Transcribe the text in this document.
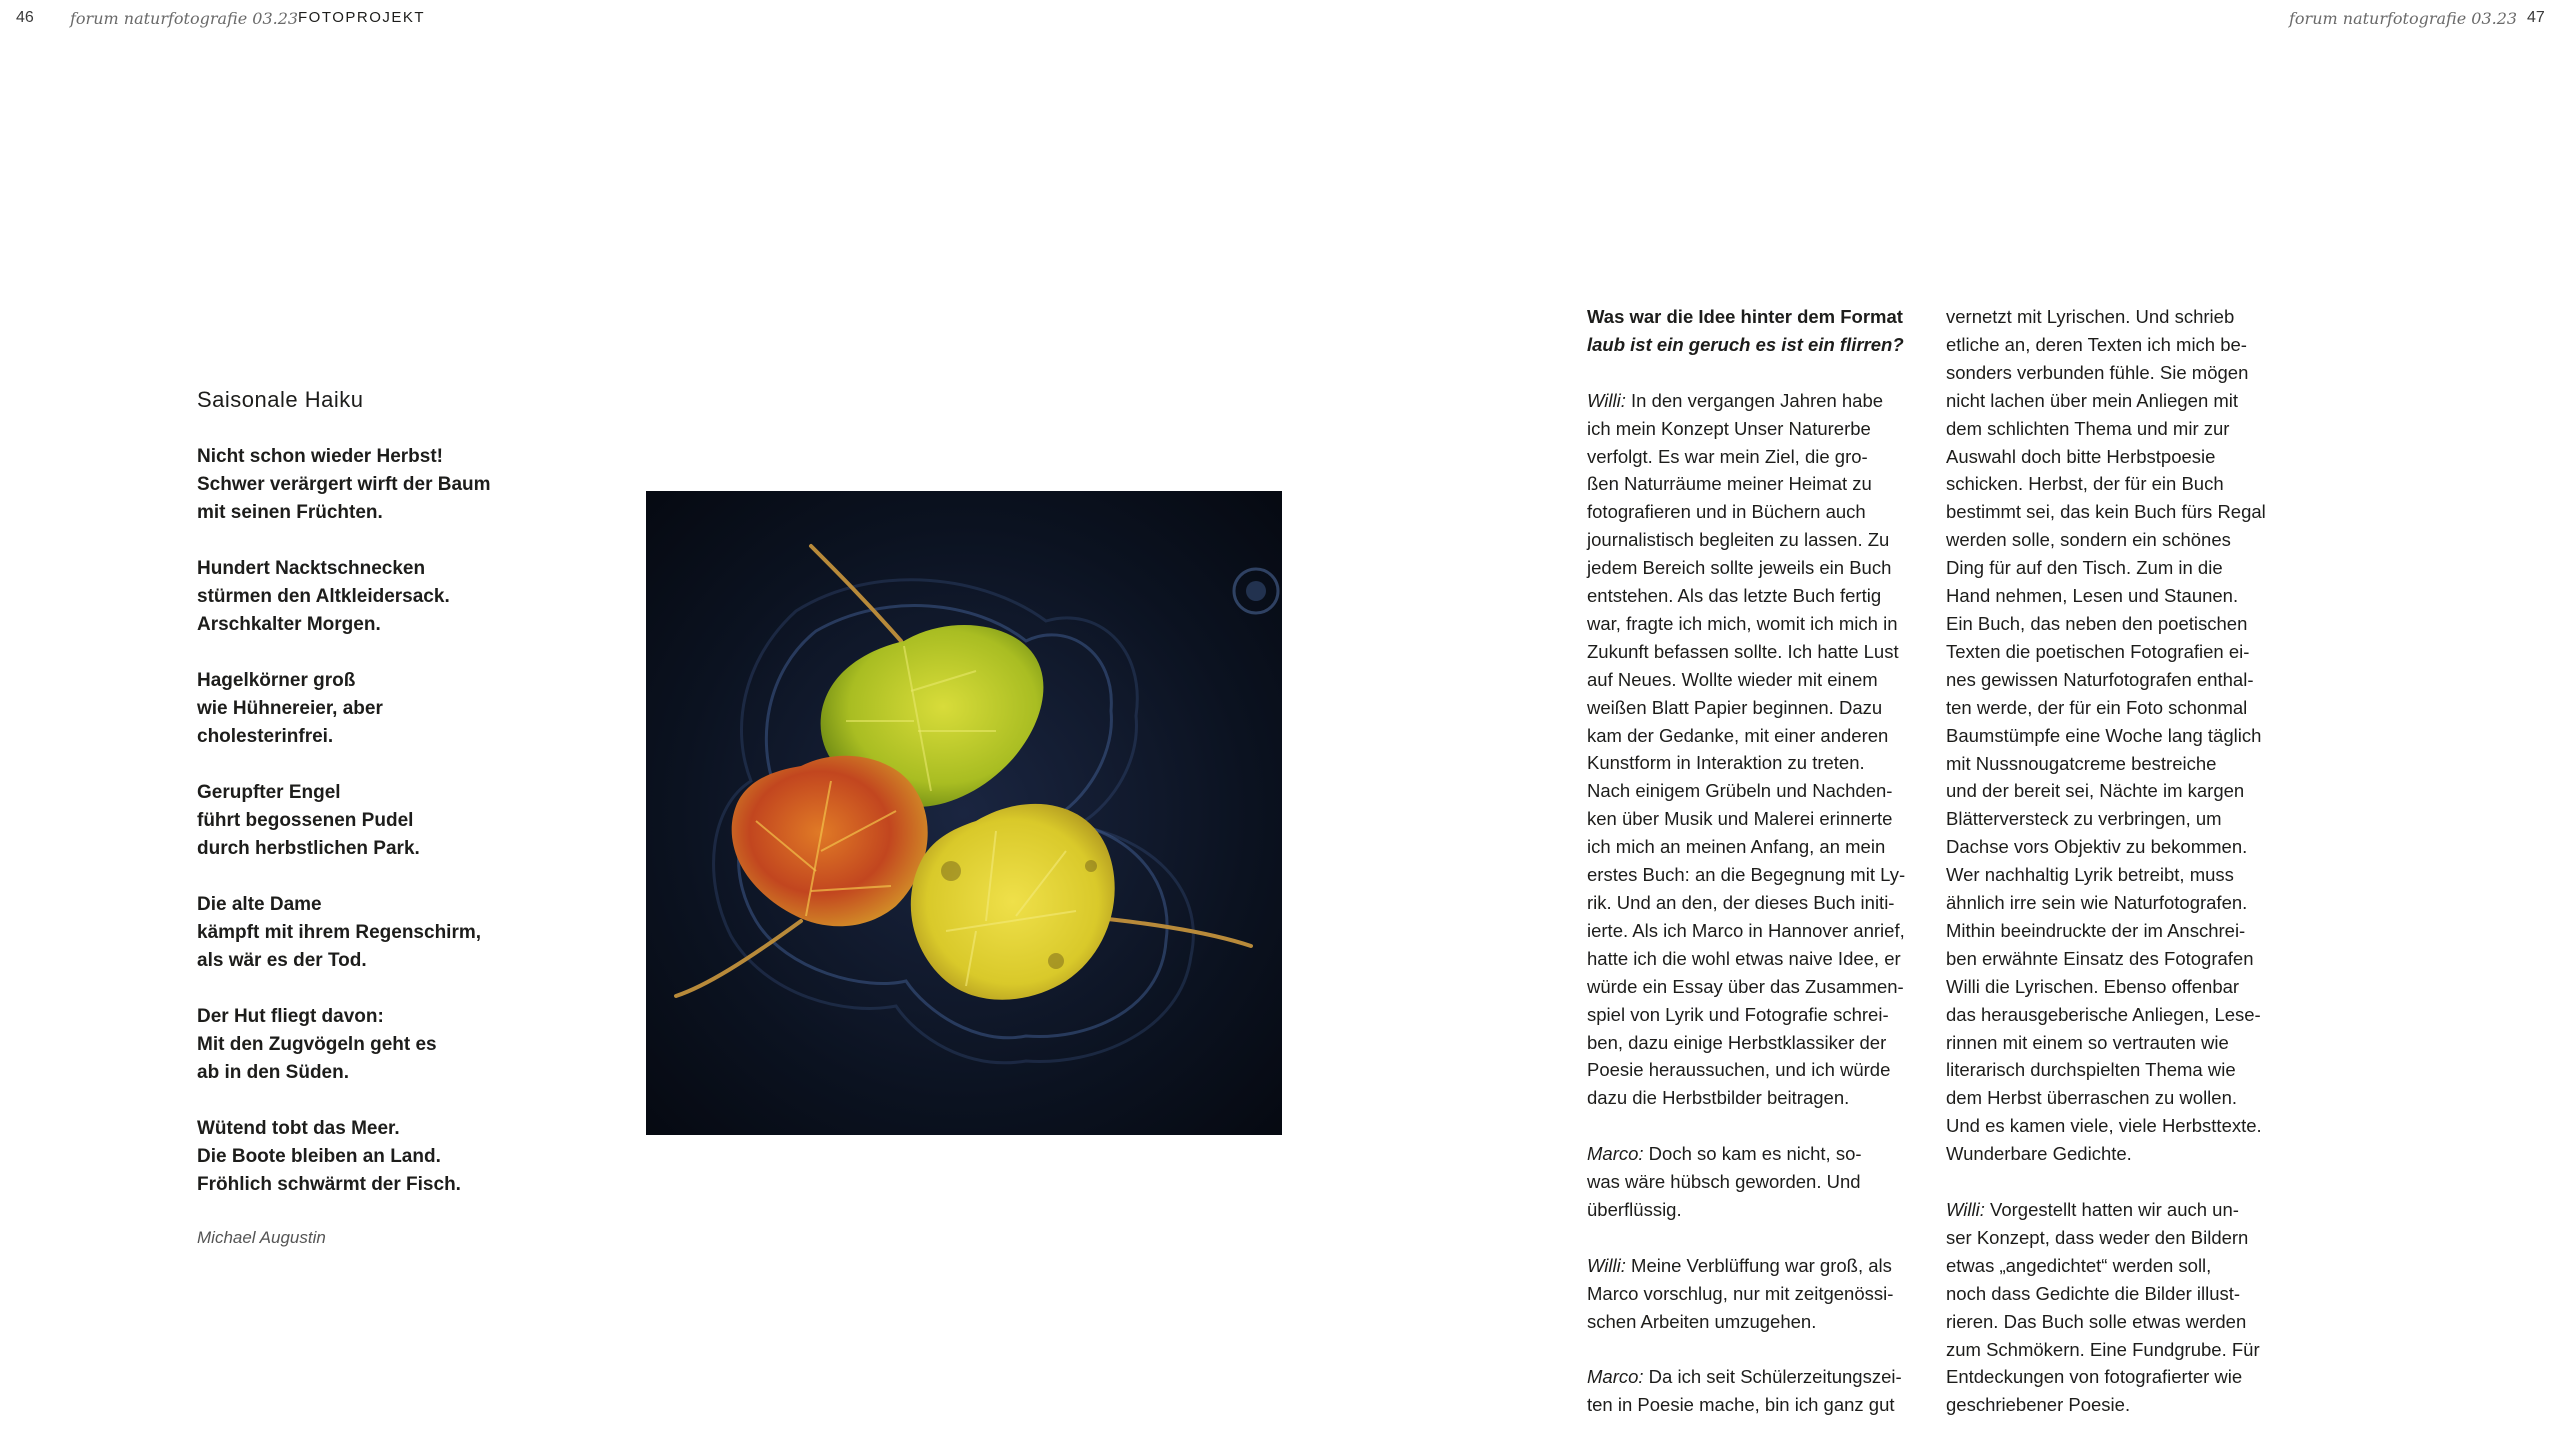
46 forum naturfotografie 03.23 FOTOPROJEKT	forum naturfotografie 03.23 47
Saisonale Haiku
Nicht schon wieder Herbst!
Schwer verärgert wirft der Baum
mit seinen Früchten.
Hundert Nacktschnecken
stürmen den Altkleidersack.
Arschkalter Morgen.
Hagelkörner groß
wie Hühnereier, aber
cholesterinfrei.
Gerupfter Engel
führt begossenen Pudel
durch herbstlichen Park.
Die alte Dame
kämpft mit ihrem Regenschirm,
als wär es der Tod.
Der Hut fliegt davon:
Mit den Zugvögeln geht es
ab in den Süden.
Wütend tobt das Meer.
Die Boote bleiben an Land.
Fröhlich schwärmt der Fisch.
Michael Augustin
Was war die Idee hinter dem Format
laub ist ein geruch es ist ein flirren?

Willi: In den vergangen Jahren habe
ich mein Konzept Unser Naturerbe
verfolgt. Es war mein Ziel, die gro-
ßen Naturräume meiner Heimat zu
fotografieren und in Büchern auch
journalistisch begleiten zu lassen. Zu
jedem Bereich sollte jeweils ein Buch
entstehen. Als das letzte Buch fertig
war, fragte ich mich, womit ich mich in
Zukunft befassen sollte. Ich hatte Lust
auf Neues. Wollte wieder mit einem
weißen Blatt Papier beginnen. Dazu
kam der Gedanke, mit einer anderen
Kunstform in Interaktion zu treten.
Nach einigem Grübeln und Nachden-
ken über Musik und Malerei erinnerte
ich mich an meinen Anfang, an mein
erstes Buch: an die Begegnung mit Ly-
rik. Und an den, der dieses Buch initi-
ierte. Als ich Marco in Hannover anrief,
hatte ich die wohl etwas naive Idee, er
würde ein Essay über das Zusammen-
spiel von Lyrik und Fotografie schrei-
ben, dazu einige Herbstklassiker der
Poesie heraussuchen, und ich würde
dazu die Herbstbilder beitragen.

Marco: Doch so kam es nicht, so-
was wäre hübsch geworden. Und
überflüssig.

Willi: Meine Verblüffung war groß, als
Marco vorschlug, nur mit zeitgenössi-
schen Arbeiten umzugehen.

Marco: Da ich seit Schülerzeitungszei-
ten in Poesie mache, bin ich ganz gut

vernetzt mit Lyrischen. Und schrieb
etliche an, deren Texten ich mich be-
sonders verbunden fühle. Sie mögen
nicht lachen über mein Anliegen mit
dem schlichten Thema und mir zur
Auswahl doch bitte Herbstpoesie
schicken. Herbst, der für ein Buch
bestimmt sei, das kein Buch fürs Regal
werden solle, sondern ein schönes
Ding für auf den Tisch. Zum in die
Hand nehmen, Lesen und Staunen.
Ein Buch, das neben den poetischen
Texten die poetischen Fotografien ei-
nes gewissen Naturfotografen enthal-
ten werde, der für ein Foto schonmal
Baumstümpfe eine Woche lang täglich
mit Nussnougatcreme bestreiche
und der bereit sei, Nächte im kargen
Blätterversteck zu verbringen, um
Dachse vors Objektiv zu bekommen.
Wer nachhaltig Lyrik betreibt, muss
ähnlich irre sein wie Naturfotografen.
Mithin beeindruckte der im Anschrei-
ben erwähnte Einsatz des Fotografen
Willi die Lyrischen. Ebenso offenbar
das herausgeberische Anliegen, Lese-
rinnen mit einem so vertrauten wie
literarisch durchspielten Thema wie
dem Herbst überraschen zu wollen.
Und es kamen viele, viele Herbsttexte.
Wunderbare Gedichte.

Willi: Vorgestellt hatten wir auch un-
ser Konzept, dass weder den Bildern
etwas „angedichtet“ werden soll,
noch dass Gedichte die Bilder illust-
rieren. Das Buch solle etwas werden
zum Schmökern. Eine Fundgrube. Für
Entdeckungen von fotografierter wie
geschriebener Poesie.
